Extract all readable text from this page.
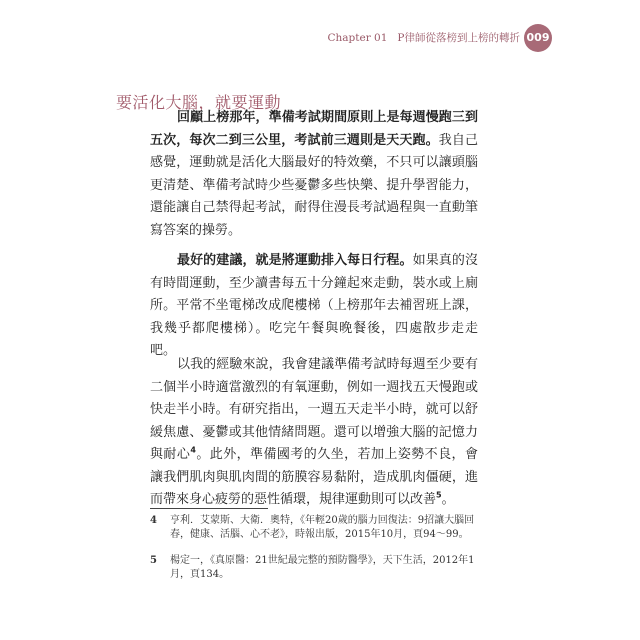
Chapter 01 P律師從落榜到上榜的轉折 009
要活化大腦，就要運動

回顧上榜那年，準備考試期間原則上是每週慢跑三到五次，每次二到三公里，考試前三週則是天天跑。我自己感覺，運動就是活化大腦最好的特效藥，不只可以讓頭腦更清楚、準備考試時少些憂鬱多些快樂、提升學習能力，還能讓自己禁得起考試，耐得住漫長考試過程與一直動筆寫答案的操勞。

最好的建議，就是將運動排入每日行程。如果真的沒有時間運動，至少讀書每五十分鐘起來走動，裝水或上廁所。平常不坐電梯改成爬樓梯（上榜那年去補習班上課，我幾乎都爬樓梯）。吃完午餐與晚餐後，四處散步走走吧。

以我的經驗來說，我會建議準備考試時每週至少要有二個半小時適當激烈的有氧運動，例如一週找五天慢跑或快走半小時。有研究指出，一週五天走半小時，就可以舒緩焦慮、憂鬱或其他情緒問題。還可以增強大腦的記憶力與耐心$^4$。此外，準備國考的久坐，若加上姿勢不良，會讓我們肌肉與肌肉間的筋膜容易黏附，造成肌肉僵硬，進而帶來身心疲勞的惡性循環，規律運動則可以改善$^5$。

4 亨利．艾蒙斯、大衛．奧特，《年輕20歲的腦力回復法：9招讓大腦回春，健康、活腦、心不老》，時報出版，2015年10月，頁94～99。
5 楊定一，《真原醫：21世紀最完整的預防醫學》，天下生活，2012年1月，頁134。
